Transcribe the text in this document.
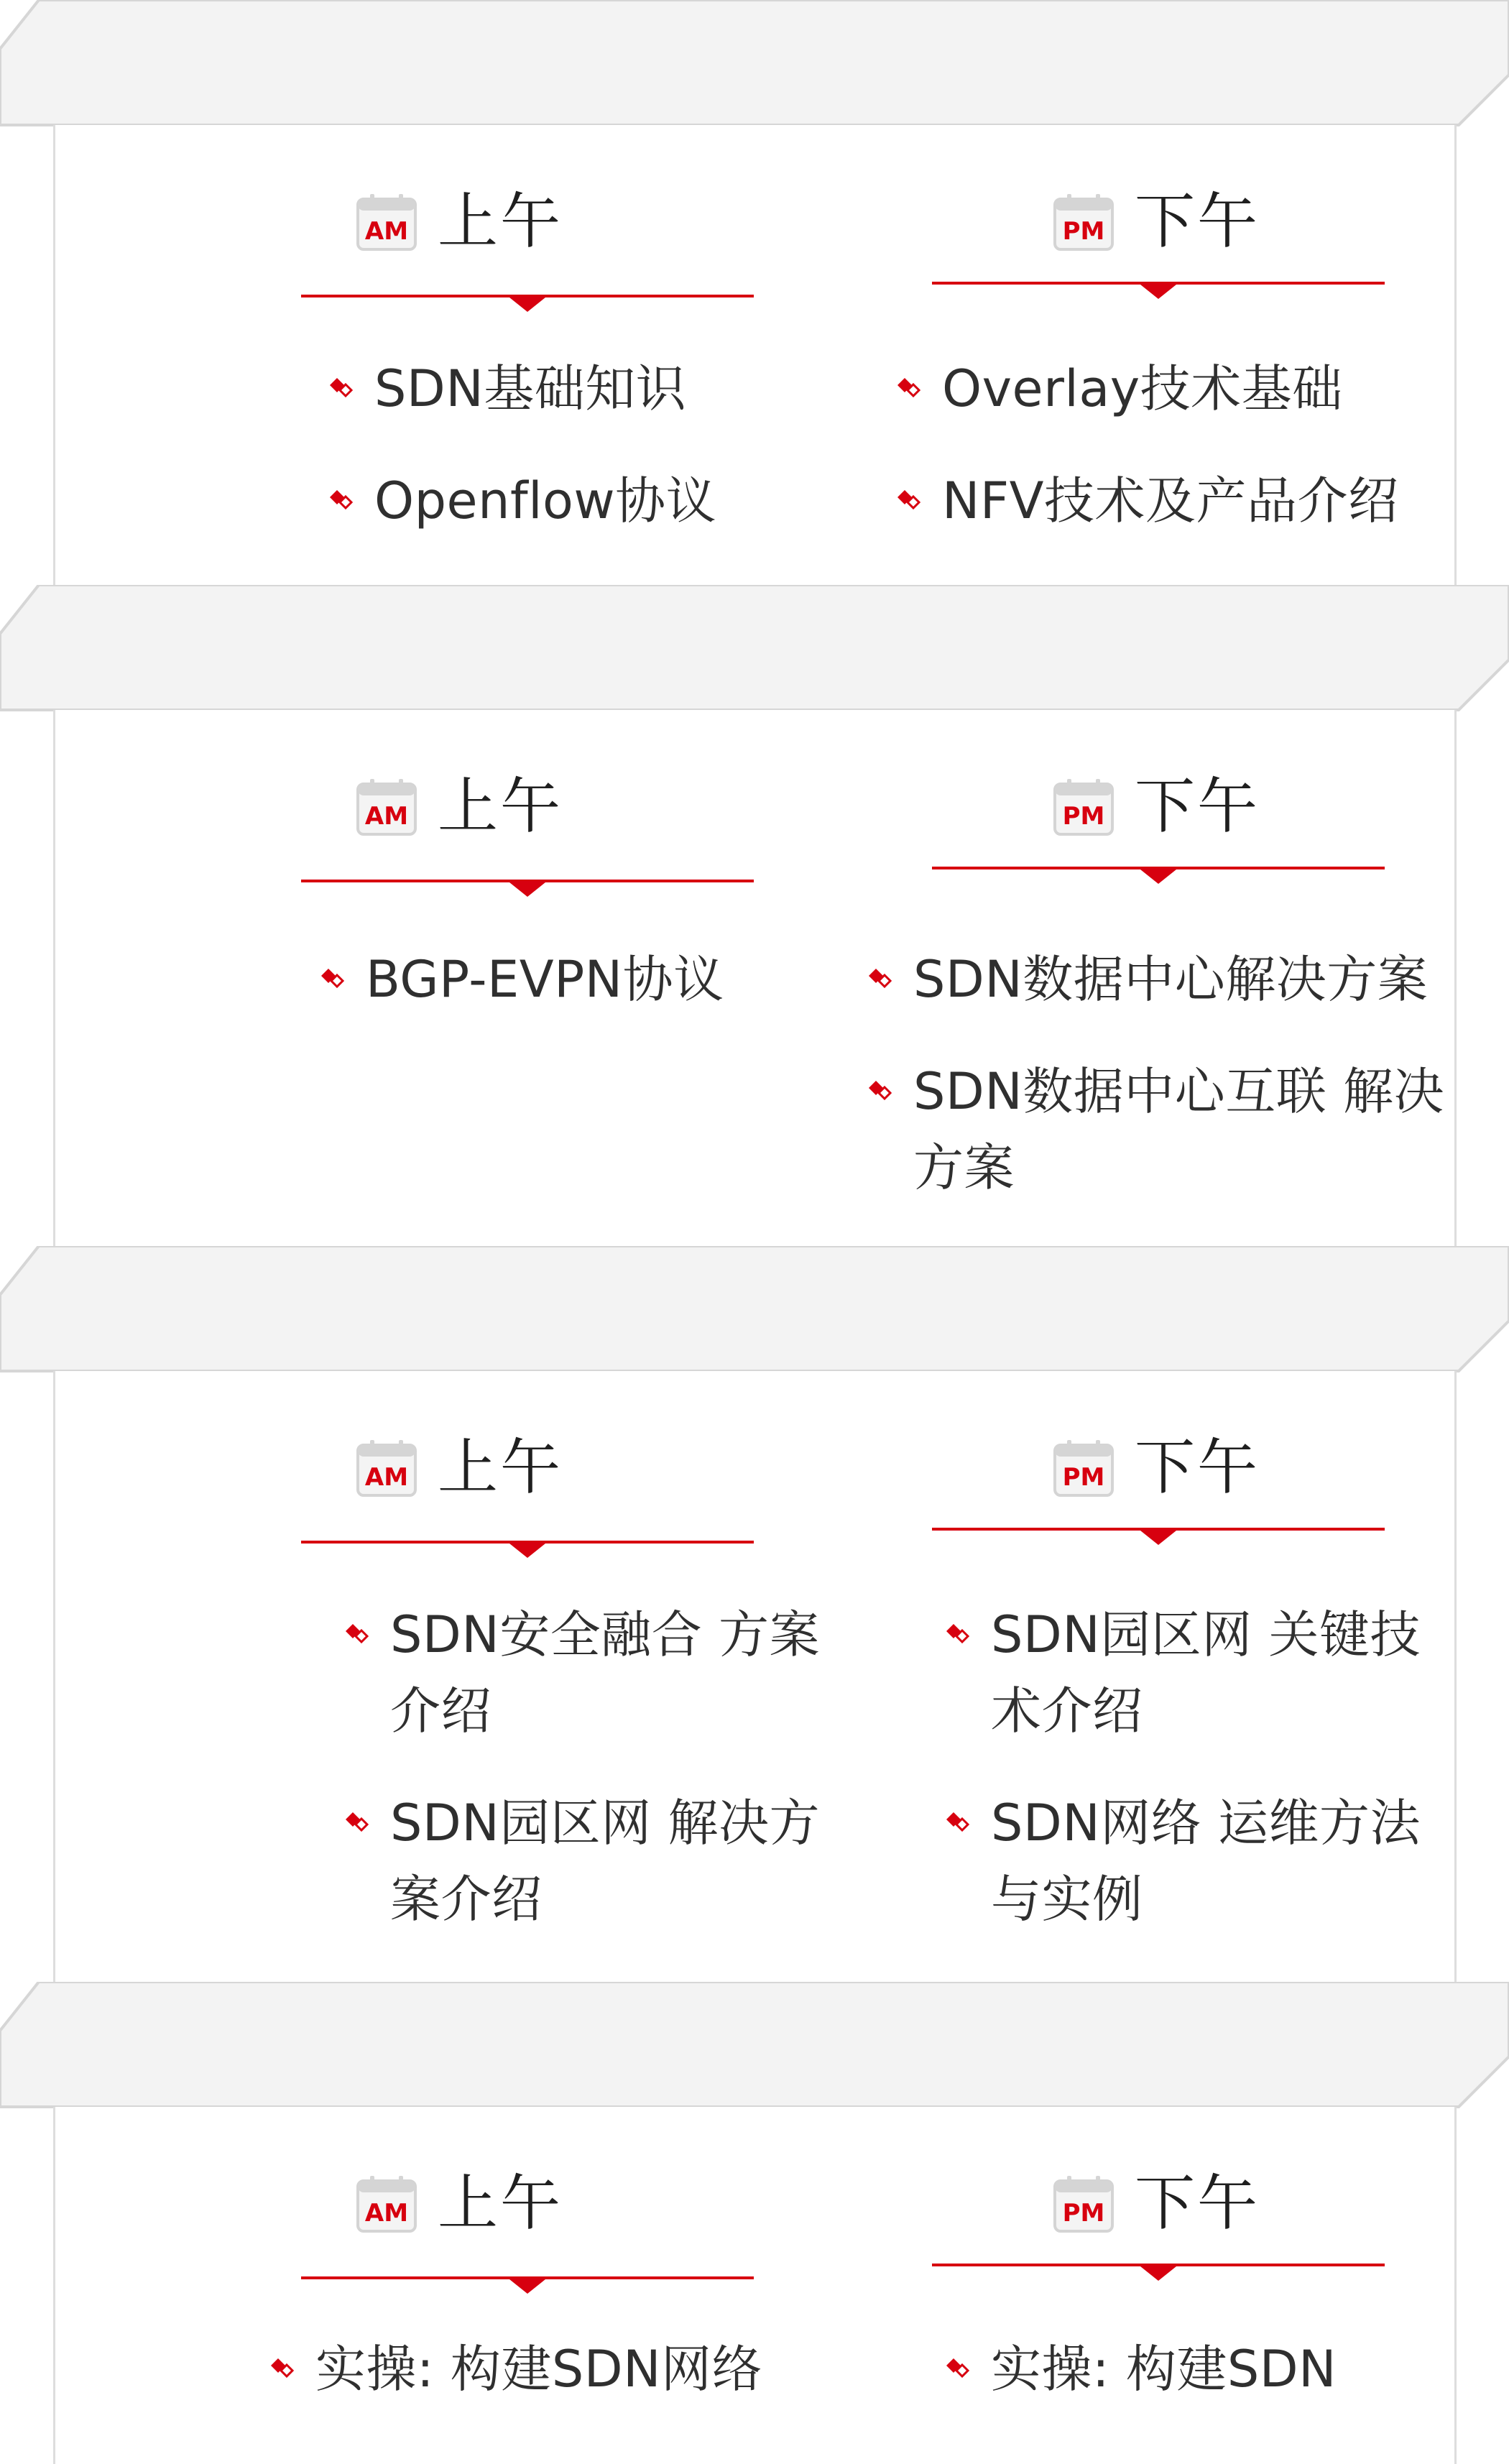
AM 上午
SDN基础知识
Openflow协议
PM 下午
Overlay技术基础
NFV技术及产品介绍
AM 上午
BGP-EVPN协议
PM 下午
SDN数据中心解决方案
SDN数据中心互联 解决方案
AM 上午
SDN安全融合 方案介绍
SDN园区网 解决方案介绍
PM 下午
SDN园区网 关键技术介绍
SDN网络 运维方法与实例
AM 上午
实操: 构建SDN网络
PM 下午
实操: 构建SDN
